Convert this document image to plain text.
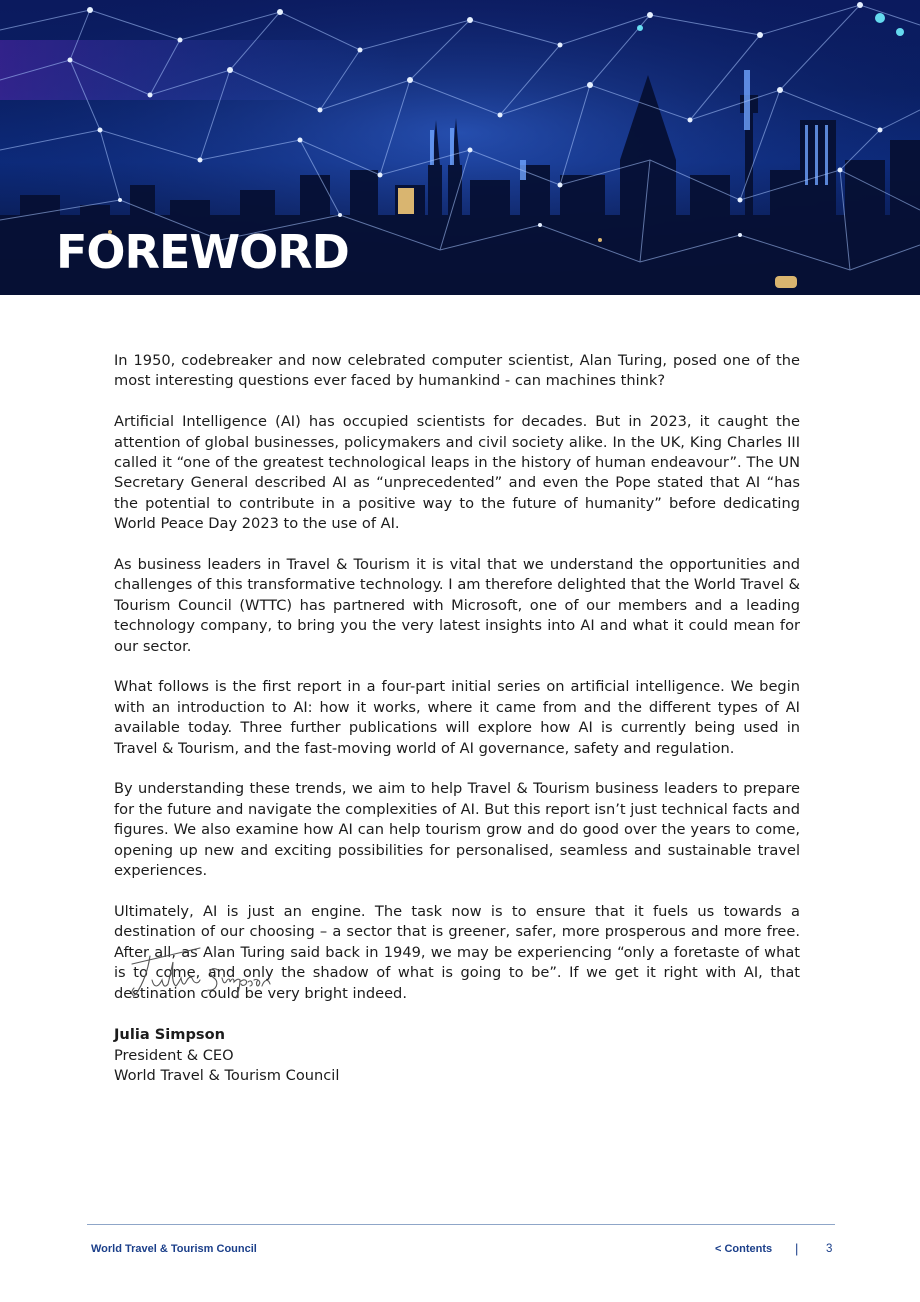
FOREWORD

In 1950, codebreaker and now celebrated computer scientist, Alan Turing, posed one of the most interesting questions ever faced by humankind - can machines think?

Artificial Intelligence (AI) has occupied scientists for decades. But in 2023, it caught the attention of global businesses, policymakers and civil society alike. In the UK, King Charles III called it “one of the greatest technological leaps in the history of human endeavour”. The UN Secretary General described AI as “unprecedented” and even the Pope stated that AI “has the potential to contribute in a positive way to the future of humanity” before dedicating World Peace Day 2023 to the use of AI.

As business leaders in Travel & Tourism it is vital that we understand the opportunities and challenges of this transformative technology. I am therefore delighted that the World Travel & Tourism Council (WTTC) has partnered with Microsoft, one of our members and a leading technology company, to bring you the very latest insights into AI and what it could mean for our sector.

What follows is the first report in a four-part initial series on artificial intelligence. We begin with an introduction to AI: how it works, where it came from and the different types of AI available today. Three further publications will explore how AI is currently being used in Travel & Tourism, and the fast-moving world of AI governance, safety and regulation.

By understanding these trends, we aim to help Travel & Tourism business leaders to prepare for the future and navigate the complexities of AI. But this report isn’t just technical facts and figures. We also examine how AI can help tourism grow and do good over the years to come, opening up new and exciting possibilities for personalised, seamless and sustainable travel experiences.

Ultimately, AI is just an engine. The task now is to ensure that it fuels us towards a destination of our choosing – a sector that is greener, safer, more prosperous and more free. After all, as Alan Turing said back in 1949, we may be experiencing “only a foretaste of what is to come, and only the shadow of what is going to be”. If we get it right with AI, that destination could be very bright indeed.

Julia Simpson
President & CEO
World Travel & Tourism Council
World Travel & Tourism Council	< Contents | 3
